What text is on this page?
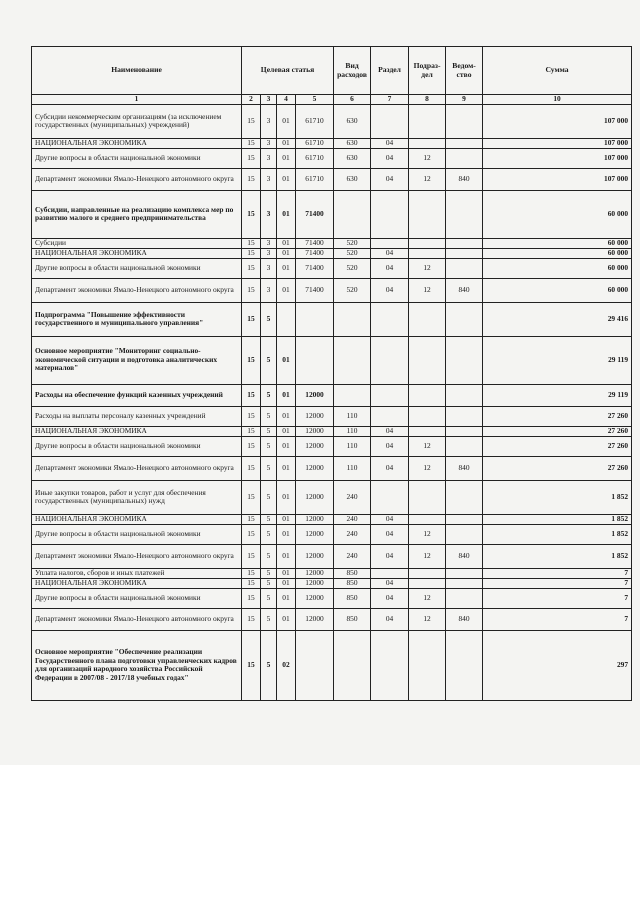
Наименование	Целевая статья				Вид расходов	Раздел	Подраз-дел	Ведом-ство	Сумма
1	2	3	4	5	6	7	8	9	10
Субсидии некоммерческим организациям (за исключением государственных (муниципальных) учреждений)	15	3	01	61710	630				107 000
НАЦИОНАЛЬНАЯ ЭКОНОМИКА	15	3	01	61710	630	04			107 000
Другие вопросы в области национальной экономики	15	3	01	61710	630	04	12		107 000
Департамент экономики Ямало-Ненецкого автономного округа	15	3	01	61710	630	04	12	840	107 000
Субсидии, направленные на реализацию комплекса мер по развитию малого и среднего предпринимательства	15	3	01	71400					60 000
Субсидии	15	3	01	71400	520				60 000
НАЦИОНАЛЬНАЯ ЭКОНОМИКА	15	3	01	71400	520	04			60 000
Другие вопросы в области национальной экономики	15	3	01	71400	520	04	12		60 000
Департамент экономики Ямало-Ненецкого автономного округа	15	3	01	71400	520	04	12	840	60 000
Подпрограмма "Повышение эффективности государственного и муниципального управления"	15	5							29 416
Основное мероприятие "Мониторинг социально-экономической ситуации и подготовка аналитических материалов"	15	5	01						29 119
Расходы на обеспечение функций казенных учреждений	15	5	01	12000					29 119
Расходы на выплаты персоналу казенных учреждений	15	5	01	12000	110				27 260
НАЦИОНАЛЬНАЯ ЭКОНОМИКА	15	5	01	12000	110	04			27 260
Другие вопросы в области национальной экономики	15	5	01	12000	110	04	12		27 260
Департамент экономики Ямало-Ненецкого автономного округа	15	5	01	12000	110	04	12	840	27 260
Иные закупки товаров, работ и услуг для обеспечения государственных (муниципальных) нужд	15	5	01	12000	240				1 852
НАЦИОНАЛЬНАЯ ЭКОНОМИКА	15	5	01	12000	240	04			1 852
Другие вопросы в области национальной экономики	15	5	01	12000	240	04	12		1 852
Департамент экономики Ямало-Ненецкого автономного округа	15	5	01	12000	240	04	12	840	1 852
Уплата налогов, сборов и иных платежей	15	5	01	12000	850				7
НАЦИОНАЛЬНАЯ ЭКОНОМИКА	15	5	01	12000	850	04			7
Другие вопросы в области национальной экономики	15	5	01	12000	850	04	12		7
Департамент экономики Ямало-Ненецкого автономного округа	15	5	01	12000	850	04	12	840	7
Основное мероприятие "Обеспечение реализации Государственного плана подготовки управленческих кадров для организаций народного хозяйства Российской Федерации в 2007/08 - 2017/18 учебных годах"	15	5	02						297
